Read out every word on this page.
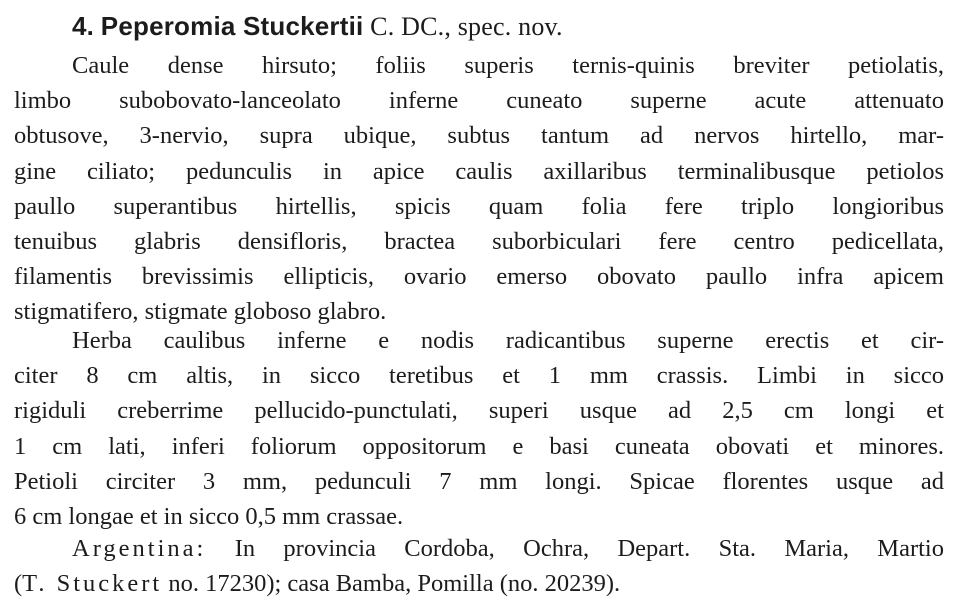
4. Peperomia Stuckertii C. DC., spec. nov.
Caule dense hirsuto; foliis superis ternis-quinis breviter petiolatis,
limbo subobovato-lanceolato inferne cuneato superne acute attenuato
obtusove, 3-nervio, supra ubique, subtus tantum ad nervos hirtello, mar-
gine ciliato; pedunculis in apice caulis axillaribus terminalibusque petiolos
paullo superantibus hirtellis, spicis quam folia fere triplo longioribus
tenuibus glabris densifloris, bractea suborbiculari fere centro pedicellata,
filamentis brevissimis ellipticis, ovario emerso obovato paullo infra apicem
stigmatifero, stigmate globoso glabro.
Herba caulibus inferne e nodis radicantibus superne erectis et cir-
citer 8 cm altis, in sicco teretibus et 1 mm crassis. Limbi in sicco
rigiduli creberrime pellucido-punctulati, superi usque ad 2,5 cm longi et
1 cm lati, inferi foliorum oppositorum e basi cuneata obovati et minores.
Petioli circiter 3 mm, pedunculi 7 mm longi. Spicae florentes usque ad
6 cm longae et in sicco 0,5 mm crassae.
Argentina: In provincia Cordoba, Ochra, Depart. Sta. Maria, Martio
(T. Stuckert no. 17230); casa Bamba, Pomilla (no. 20239).
